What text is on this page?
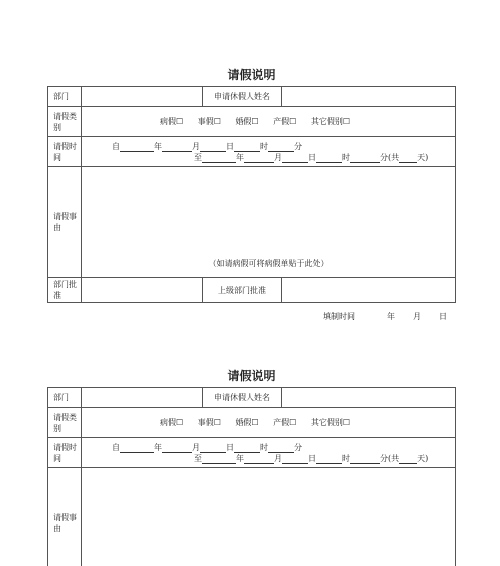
请假说明
部门		申请休假人姓名	
请假类别	病假☐ 事假☐ 婚假☐ 产假☐ 其它假别☐		
请假时间	自 年 月 日 时 分
至 年 月 日 时 分(共 天)		

请假事由	（如请病假可将病假单贴于此处）		

部门批准		上级部门批准	
填制时间	年 月 日
请假说明
部门		申请休假人姓名	
请假类别	病假☐ 事假☐ 婚假☐ 产假☐ 其它假别☐		
请假时间	自 年 月 日 时 分
至 年 月 日 时 分(共 天)		

请假事由			
